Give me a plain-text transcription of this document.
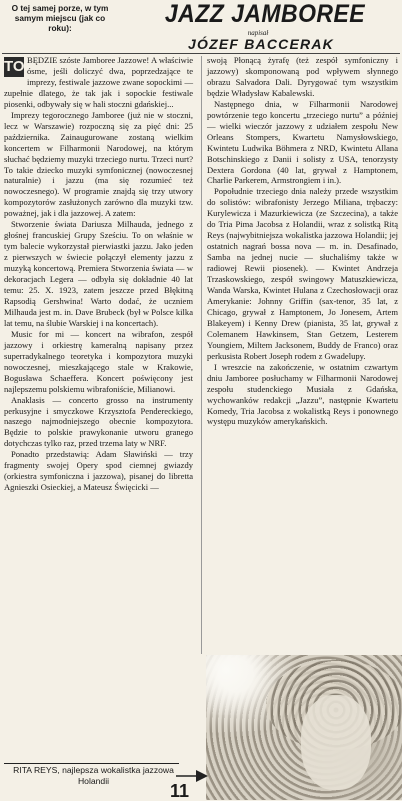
O tej samej porze, w tym samym miejscu (jak co roku):	JAZZ JAMBOREE
napisał
JÓZEF BACCERAK

TO BĘDZIE szóste Jamboree Jazzowe! A właściwie ósme, jeśli doliczyć dwa, poprzedzające te imprezy, festiwale jazzowe zwane sopockimi — zupełnie dlatego, że tak jak i sopockie festiwale piosenki, odbywały się w hali stoczni gdańskiej...

Imprezy tegorocznego Jamboree (już nie w stoczni, lecz w Warszawie) rozpoczną się za pięć dni: 25 października. Zainaugurowane zostaną wielkim koncertem w Filharmonii Narodowej, na którym słuchać będziemy muzyki trzeciego nurtu. Trzeci nurt? To takie dziecko muzyki symfonicznej (nowoczesnej naturalnie) i jazzu (ma się rozumieć też nowoczesnego). W programie znajdą się trzy utwory kompozytorów zasłużonych zarówno dla muzyki tzw. poważnej, jak i dla jazzowej. A zatem:

Stworzenie świata Dariusza Milhauda, jednego z głośnej francuskiej Grupy Sześciu. To on właśnie w tym balecie wykorzystał pierwiastki jazzu. Jako jeden z pierwszych w świecie połączył elementy jazzu z muzyką koncertową. Premiera Stworzenia świata — w dekoracjach Legera — odbyła się dokładnie 40 lat temu: 25. X. 1923, zatem jeszcze przed Błękitną Rapsodią Gershwina! Warto dodać, że uczniem Milhauda jest m. in. Dave Brubeck (był w Polsce kilka lat temu, na ślubie Warskiej i na koncertach).

Music for mi — koncert na wibrafon, zespół jazzowy i orkiestrę kameralną napisany przez superradykalnego teoretyka i kompozytora muzyki nowoczesnej, mieszkającego stale w Krakowie, Bogusława Schaeffera. Koncert poświęcony jest najlepszemu polskiemu wibrafoniście, Milianowi.

Anaklasis — concerto grosso na instrumenty perkusyjne i smyczkowe Krzysztofa Pendereckiego, naszego najmodniejszego obecnie kompozytora. Będzie to polskie prawykonanie utworu granego dotychczas tylko raz, przed trzema laty w NRF.

Ponadto przedstawią: Adam Sławiński — trzy fragmenty swojej Opery spod ciemnej gwiazdy (orkiestra symfoniczna i jazzowa), pisanej do libretta Agnieszki Osieckiej, a Mateusz Święcicki —

swoją Płonącą żyrafę (też zespół symfoniczny i jazzowy) skomponowaną pod wpływem słynnego obrazu Salvadora Dali. Dyrygować tym wszystkim będzie Władysław Kabalewski.

Następnego dnia, w Filharmonii Narodowej powtórzenie tego koncertu „trzeciego nurtu” a później — wielki wieczór jazzowy z udziałem zespołu New Orleans Stompers, Kwartetu Namysłowskiego, Kwintetu Ludwika Böhmera z NRD, Kwintetu Allana Botschinskiego z Danii i solisty z USA, tenorzysty Dextera Gordona (40 lat, grywał z Hamptonem, Charlie Parkerem, Armstrongiem i in.).

Popołudnie trzeciego dnia należy przede wszystkim do solistów: wibrafonisty Jerzego Miliana, trębaczy: Kurylewicza i Mazurkiewicza (ze Szczecina), a także do Tria Pima Jacobsa z Holandii, wraz z solistką Ritą Reys (najwybitniejsza wokalistka jazzowa Holandii; jej ostatnich nagrań bossa nova — m. in. Desafinado, Samba na jednej nucie — słuchaliśmy także w radiowej Rewii piosenek). — Kwintet Andrzeja Trzaskowskiego, zespół swingowy Matuszkiewicza, Wanda Warska, Kwintet Hulana z Czechosłowacji oraz Amerykanie: Johnny Griffin (sax-tenor, 35 lat, z Chicago, grywał z Hamptonem, Jo Jonesem, Artem Blakeyem) i Kenny Drew (pianista, 35 lat, grywał z Colemanem Hawkinsem, Stan Getzem, Lesterem Youngiem, Miltem Jacksonem, Buddy de Franco) oraz perkusista Robert Joseph rodem z Gwadelupy.

I wreszcie na zakończenie, w ostatnim czwartym dniu Jamboree posłuchamy w Filharmonii Narodowej zespołu studenckiego Musiała z Gdańska, wychowanków redakcji „Jazzu”, następnie Kwartetu Komedy, Tria Jacobsa z wokalistką Reys i ponownego występu muzyków amerykańskich.

RITA REYS, najlepsza wokalistka jazzowa Holandii
11
